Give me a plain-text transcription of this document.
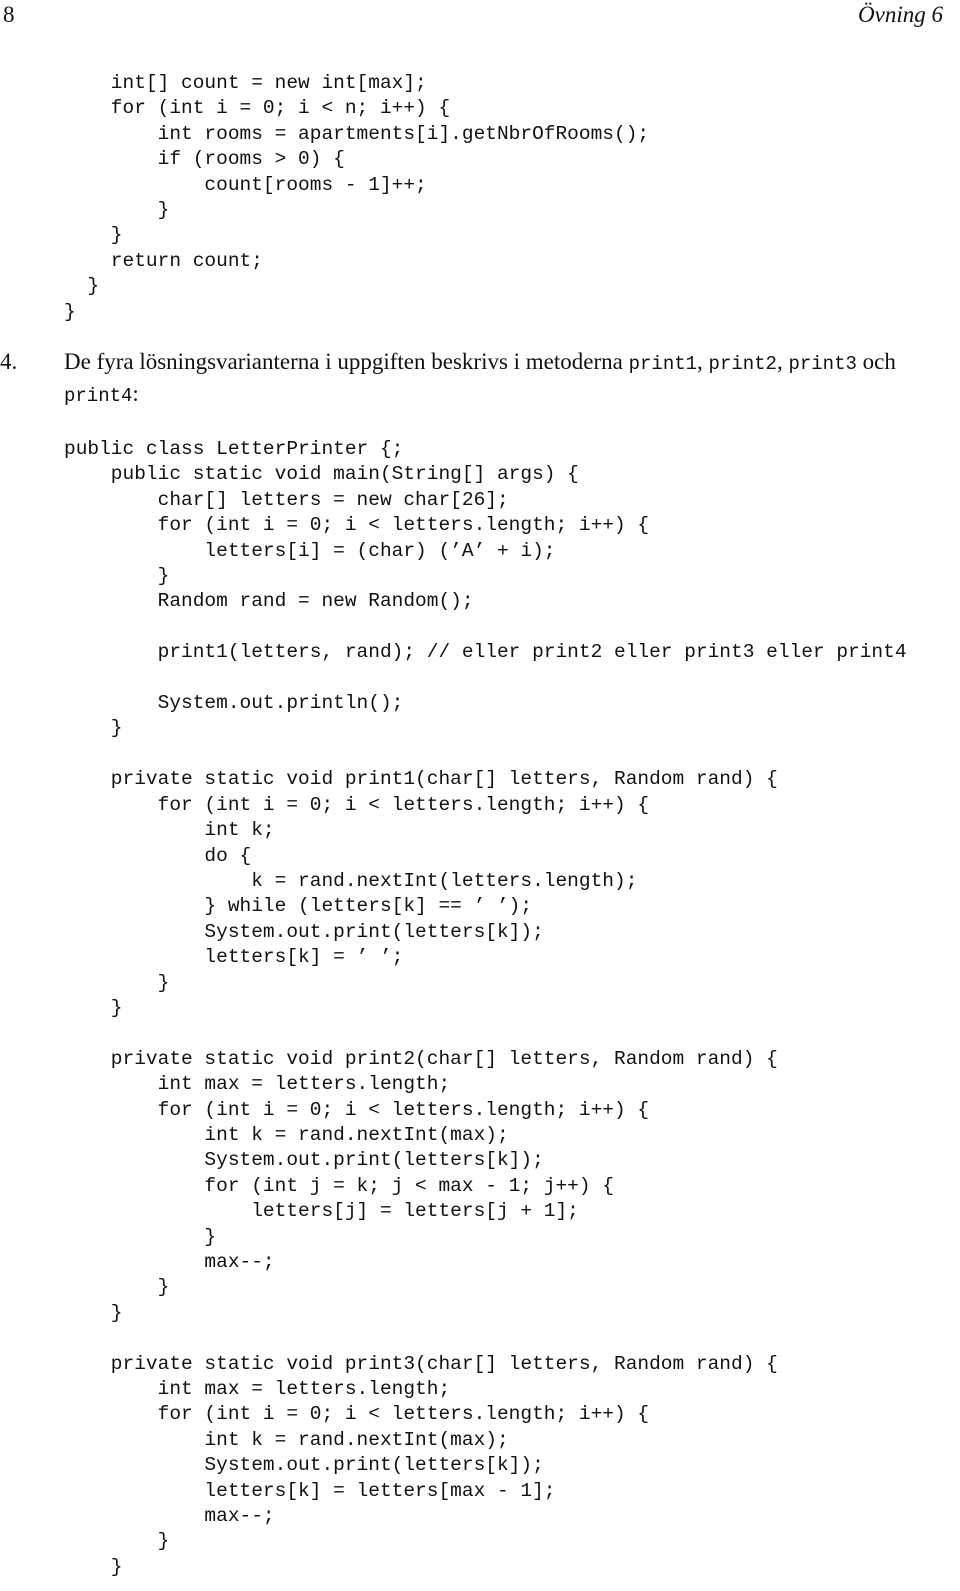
8	Övning 6
int[] count = new int[max];
for (int i = 0; i < n; i++) {
int rooms = apartments[i].getNbrOfRooms();
if (rooms > 0) {
count[rooms - 1]++;
}
}
return count;
}
}
4. De fyra lösningsvarianterna i uppgiften beskrivs i metoderna print1, print2, print3 och
print4:
public class LetterPrinter {;
public static void main(String[] args) {
char[] letters = new char[26];
for (int i = 0; i < letters.length; i++) {
letters[i] = (char) (’A’ + i);
}
Random rand = new Random();

print1(letters, rand); // eller print2 eller print3 eller print4

System.out.println();
}

private static void print1(char[] letters, Random rand) {
for (int i = 0; i < letters.length; i++) {
int k;
do {
k = rand.nextInt(letters.length);
} while (letters[k] == ’ ’);
System.out.print(letters[k]);
letters[k] = ’ ’;
}
}

private static void print2(char[] letters, Random rand) {
int max = letters.length;
for (int i = 0; i < letters.length; i++) {
int k = rand.nextInt(max);
System.out.print(letters[k]);
for (int j = k; j < max - 1; j++) {
letters[j] = letters[j + 1];
}
max--;
}
}

private static void print3(char[] letters, Random rand) {
int max = letters.length;
for (int i = 0; i < letters.length; i++) {
int k = rand.nextInt(max);
System.out.print(letters[k]);
letters[k] = letters[max - 1];
max--;
}
}
